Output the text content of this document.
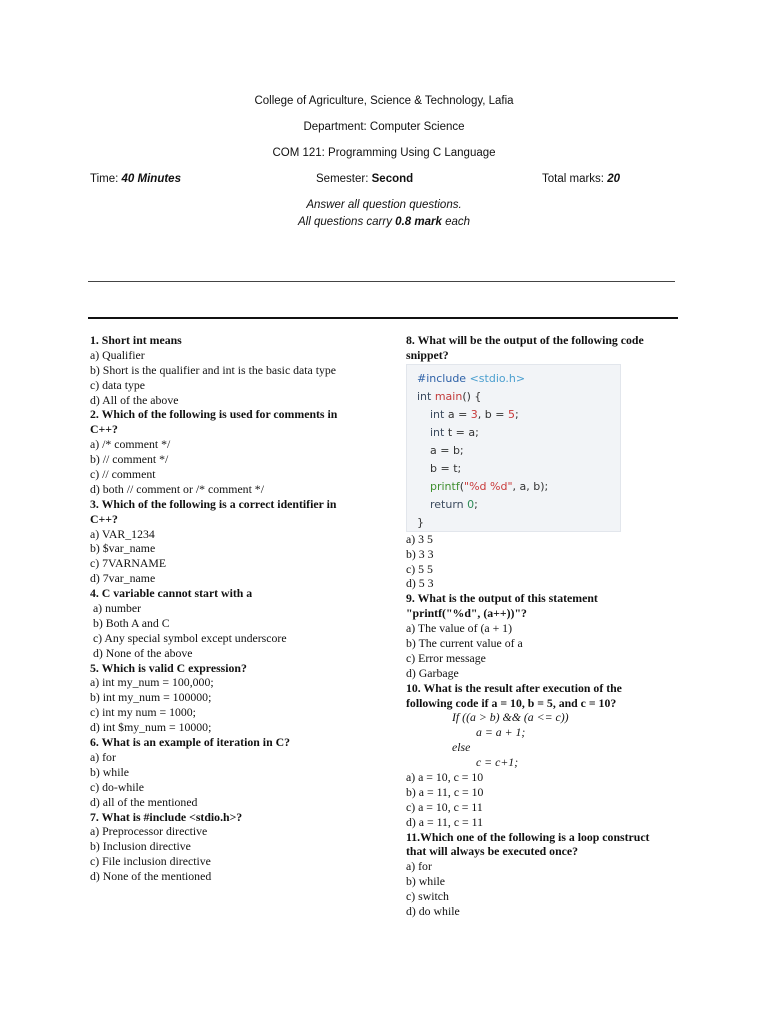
College of Agriculture, Science & Technology, Lafia
Department: Computer Science
COM 121: Programming Using C Language
Time: 40 Minutes	Semester: Second	Total marks: 20
Answer all question questions.
All questions carry 0.8 mark each
1. Short int means
a) Qualifier
b) Short is the qualifier and int is the basic data type
c) data type
d) All of the above
2. Which of the following is used for comments in
C++?
a) /* comment */
b) // comment */
c) // comment
d) both // comment or /* comment */
3. Which of the following is a correct identifier in
C++?
a) VAR_1234
b) $var_name
c) 7VARNAME
d) 7var_name
4. C variable cannot start with a
a) number
b) Both A and C
c) Any special symbol except underscore
d) None of the above
5. Which is valid C expression?
a) int my_num = 100,000;
b) int my_num = 100000;
c) int my num = 1000;
d) int $my_num = 10000;
6. What is an example of iteration in C?
a) for
b) while
c) do-while
d) all of the mentioned
7. What is #include <stdio.h>?
a) Preprocessor directive
b) Inclusion directive
c) File inclusion directive
d) None of the mentioned
8. What will be the output of the following code
snippet?
#include <stdio.h>
int main() {
int a = 3, b = 5;
int t = a;
a = b;
b = t;
printf("%d %d", a, b);
return 0;
}
a) 3 5
b) 3 3
c) 5 5
d) 5 3
9. What is the output of this statement
"printf("%d", (a++))"?
a) The value of (a + 1)
b) The current value of a
c) Error message
d) Garbage
10. What is the result after execution of the
following code if a = 10, b = 5, and c = 10?
If ((a > b) && (a <= c))
a = a + 1;
else
c = c+1;
a) a = 10, c = 10
b) a = 11, c = 10
c) a = 10, c = 11
d) a = 11, c = 11
11.Which one of the following is a loop construct
that will always be executed once?
a) for
b) while
c) switch
d) do while
